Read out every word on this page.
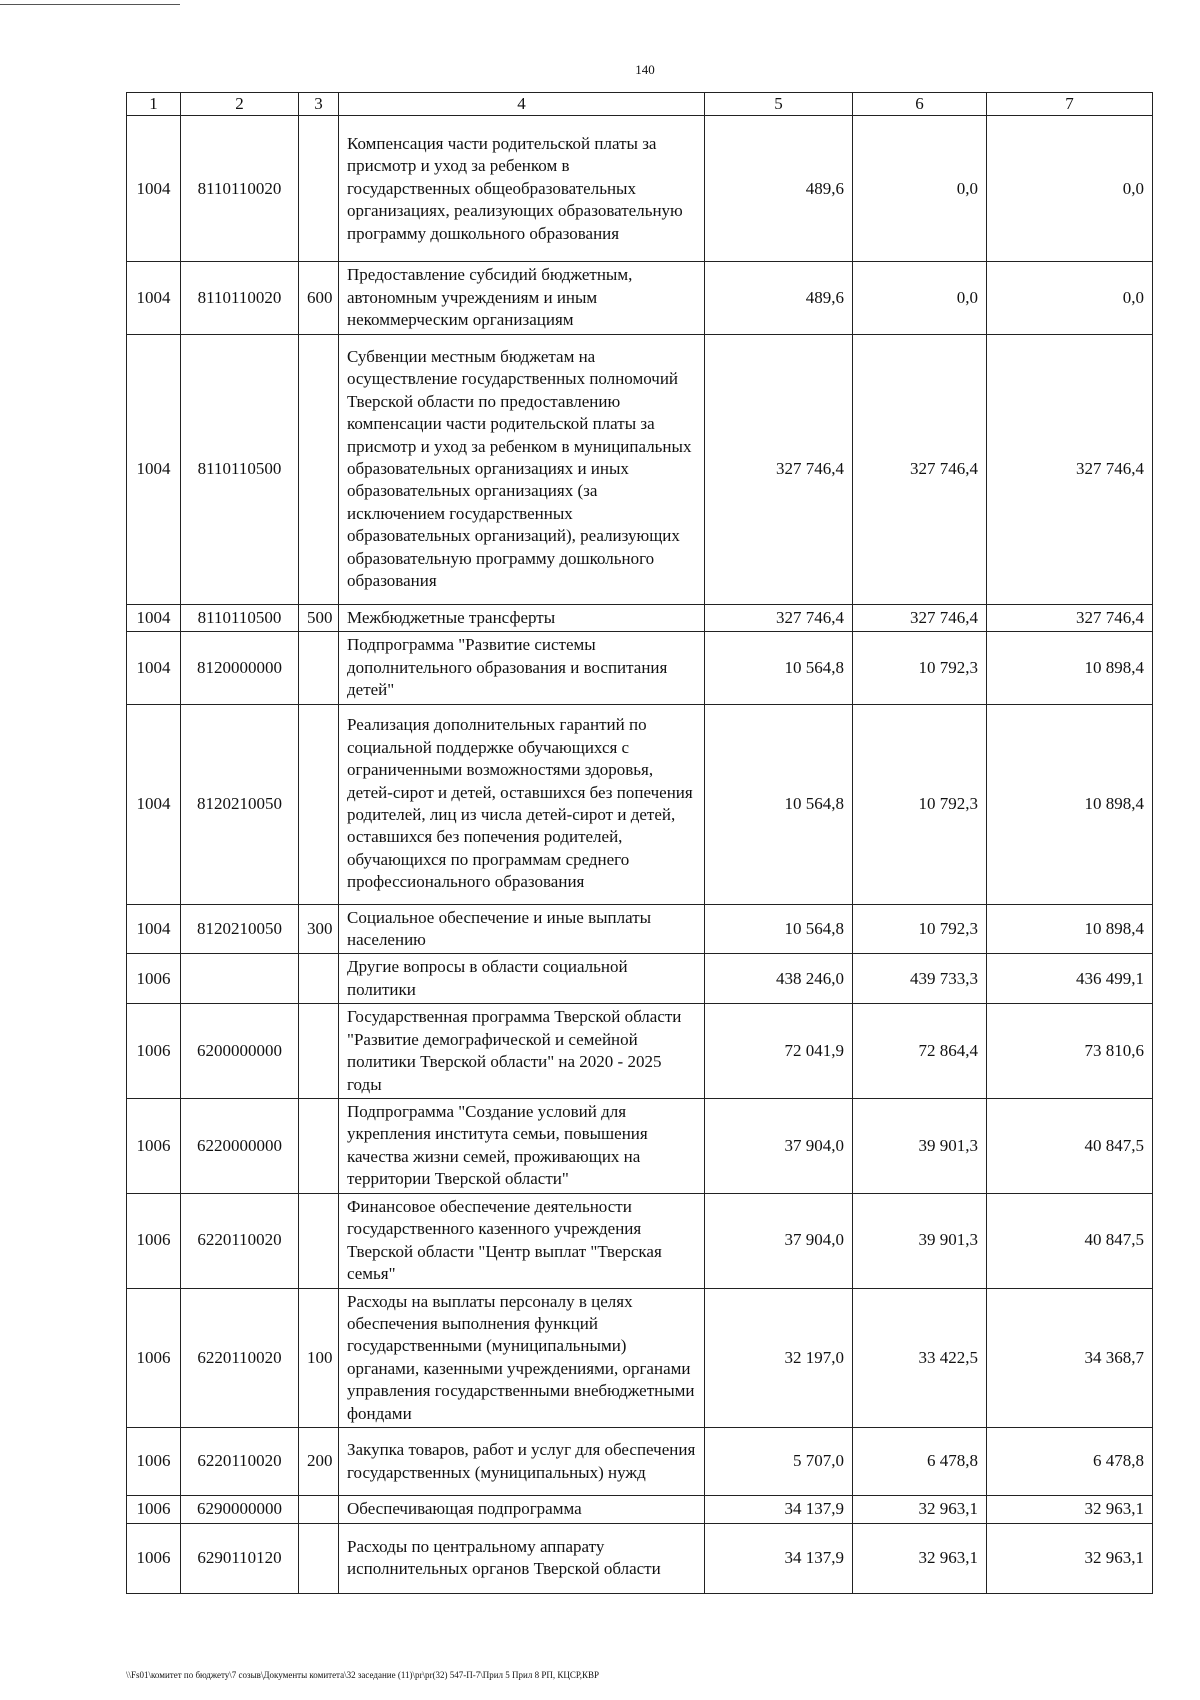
140
1	2	3	4	5	6	7
1004	8110110020		Компенсация части родительской платы за присмотр и уход за ребенком в государственных общеобразовательных организациях, реализующих образовательную программу дошкольного образования	489,6	0,0	0,0
1004	8110110020	600	Предоставление субсидий бюджетным, автономным учреждениям и иным некоммерческим организациям	489,6	0,0	0,0
1004	8110110500		Субвенции местным бюджетам на осуществление государственных полномочий Тверской области по предоставлению компенсации части родительской платы за присмотр и уход за ребенком в муниципальных образовательных организациях и иных образовательных организациях (за исключением государственных образовательных организаций), реализующих образовательную программу дошкольного образования	327 746,4	327 746,4	327 746,4
1004	8110110500	500	Межбюджетные трансферты	327 746,4	327 746,4	327 746,4
1004	8120000000		Подпрограмма "Развитие системы дополнительного образования и воспитания детей"	10 564,8	10 792,3	10 898,4
1004	8120210050		Реализация дополнительных гарантий по социальной поддержке обучающихся с ограниченными возможностями здоровья, детей-сирот и детей, оставшихся без попечения родителей, лиц из числа детей-сирот и детей, оставшихся без попечения родителей, обучающихся по программам среднего профессионального образования	10 564,8	10 792,3	10 898,4
1004	8120210050	300	Социальное обеспечение и иные выплаты населению	10 564,8	10 792,3	10 898,4
1006			Другие вопросы в области социальной политики	438 246,0	439 733,3	436 499,1
1006	6200000000		Государственная программа Тверской области "Развитие демографической и семейной политики Тверской области" на 2020 - 2025 годы	72 041,9	72 864,4	73 810,6
1006	6220000000		Подпрограмма "Создание условий для укрепления института семьи, повышения качества жизни семей, проживающих на территории Тверской области"	37 904,0	39 901,3	40 847,5
1006	6220110020		Финансовое обеспечение деятельности государственного казенного учреждения Тверской области "Центр выплат "Тверская семья"	37 904,0	39 901,3	40 847,5
1006	6220110020	100	Расходы на выплаты персоналу в целях обеспечения выполнения функций государственными (муниципальными) органами, казенными учреждениями, органами управления государственными внебюджетными фондами	32 197,0	33 422,5	34 368,7
1006	6220110020	200	Закупка товаров, работ и услуг для обеспечения государственных (муниципальных) нужд	5 707,0	6 478,8	6 478,8
1006	6290000000		Обеспечивающая подпрограмма	34 137,9	32 963,1	32 963,1
1006	6290110120		Расходы по центральному аппарату исполнительных органов Тверской области	34 137,9	32 963,1	32 963,1
\\Fs01\комитет по бюджету\7 созыв\Документы комитета\32 заседание (11)\pr\pr(32) 547-П-7\Прил 5 Прил 8 РП, КЦСР,КВР
